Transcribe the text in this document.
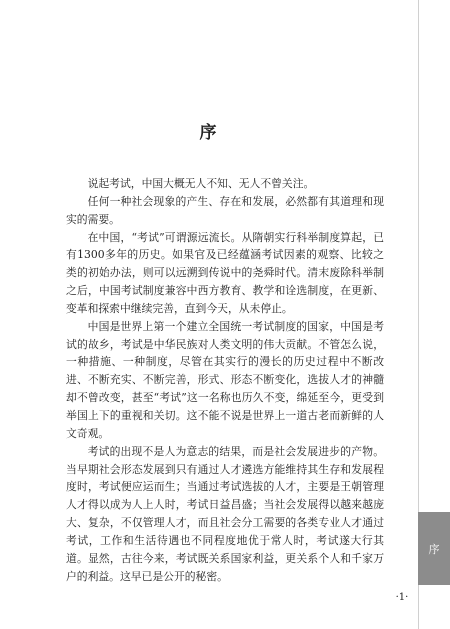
序
序

说起考试，中国大概无人不知、无人不曾关注。

任何一种社会现象的产生、存在和发展，必然都有其道理和现实的需要。

在中国，“考试”可谓源远流长。从隋朝实行科举制度算起，已有1300多年的历史。如果官及已经蕴涵考试因素的观察、比较之类的初始办法，则可以远溯到传说中的尧舜时代。清末废除科举制之后，中国考试制度兼容中西方教育、教学和诠选制度，在更新、变革和探索中继续完善，直到今天，从未停止。

中国是世界上第一个建立全国统一考试制度的国家，中国是考试的故乡，考试是中华民族对人类文明的伟大贡献。不管怎么说，一种措施、一种制度，尽管在其实行的漫长的历史过程中不断改进、不断充实、不断完善，形式、形态不断变化，选拔人才的神髓却不曾改变，甚至“考试”这一名称也历久不变，绵延至今，更受到举国上下的重视和关切。这不能不说是世界上一道古老而新鲜的人文奇观。

考试的出现不是人为意志的结果，而是社会发展进步的产物。当早期社会形态发展到只有通过人才遴选方能维持其生存和发展程度时，考试便应运而生；当通过考试选拔的人才，主要是王朝管理人才得以成为人上人时，考试日益昌盛；当社会发展得以越来越庞大、复杂，不仅管理人才，而且社会分工需要的各类专业人才通过考试，工作和生活待遇也不同程度地优于常人时，考试遂大行其道。显然，古往今来，考试既关系国家利益，更关系个人和千家万户的利益。这早已是公开的秘密。

·1·
